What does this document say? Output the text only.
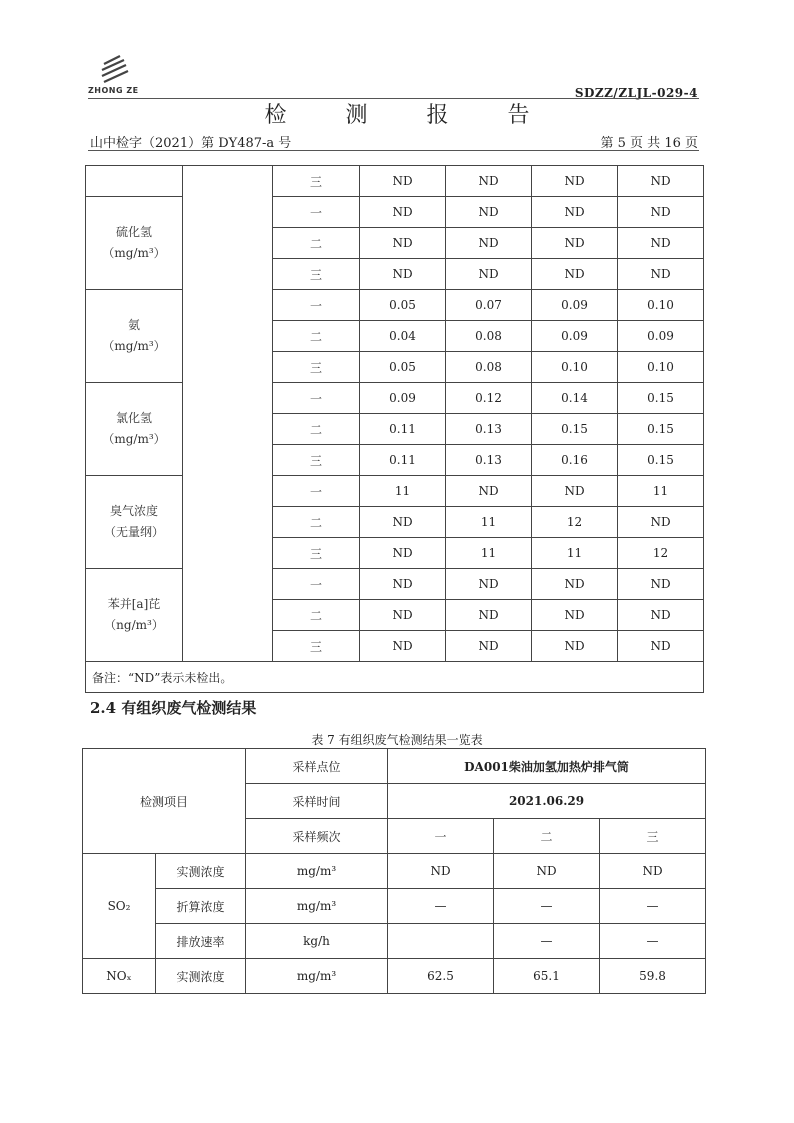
ZHONG ZE	SDZZ/ZLJL-029-4
检 测 报 告
山中检字（2021）第 DY487-a 号	第 5 页 共 16 页
		三	ND	ND	ND	ND
硫化氢
（mg/m³）		一	ND	ND	ND	ND
		二	ND	ND	ND	ND
		三	ND	ND	ND	ND
氨
（mg/m³）		一	0.05	0.07	0.09	0.10
		二	0.04	0.08	0.09	0.09
		三	0.05	0.08	0.10	0.10
氯化氢
（mg/m³）		一	0.09	0.12	0.14	0.15
		二	0.11	0.13	0.15	0.15
		三	0.11	0.13	0.16	0.15
臭气浓度
（无量纲）		一	11	ND	ND	11
		二	ND	11	12	ND
		三	ND	11	11	12
苯并[a]芘
（ng/m³）		一	ND	ND	ND	ND
		二	ND	ND	ND	ND
		三	ND	ND	ND	ND
备注：“ND”表示未检出。						
2.4 有组织废气检测结果
表 7 有组织废气检测结果一览表
检测项目		采样点位	DA001柴油加氢加热炉排气筒		
		采样时间	2021.06.29		
		采样频次	一	二	三
SO₂	实测浓度	mg/m³	ND	ND	ND
	折算浓度	mg/m³	—	—	—
	排放速率	kg/h		—	—
NOₓ	实测浓度	mg/m³	62.5	65.1	59.8
